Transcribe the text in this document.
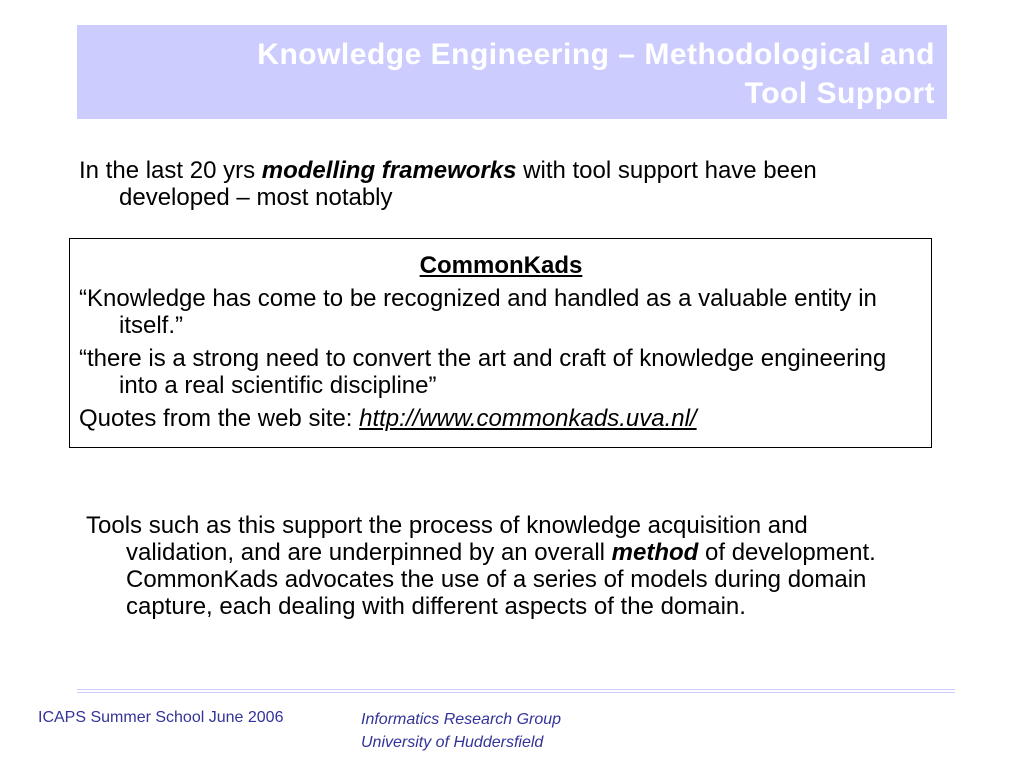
Knowledge Engineering – Methodological and
Tool Support
In the last 20 yrs modelling frameworks with tool support have been developed – most notably
CommonKads
“Knowledge has come to be recognized and handled as a valuable entity in itself.”
“there is a strong need to convert the art and craft of knowledge engineering into a real scientific discipline”
Quotes from the web site: http://www.commonkads.uva.nl/
Tools such as this support the process of knowledge acquisition and validation, and are underpinned by an overall method of development. CommonKads advocates the use of a series of models during domain capture, each dealing with different aspects of the domain.
ICAPS Summer School June 2006	Informatics Research Group
University of Huddersfield
